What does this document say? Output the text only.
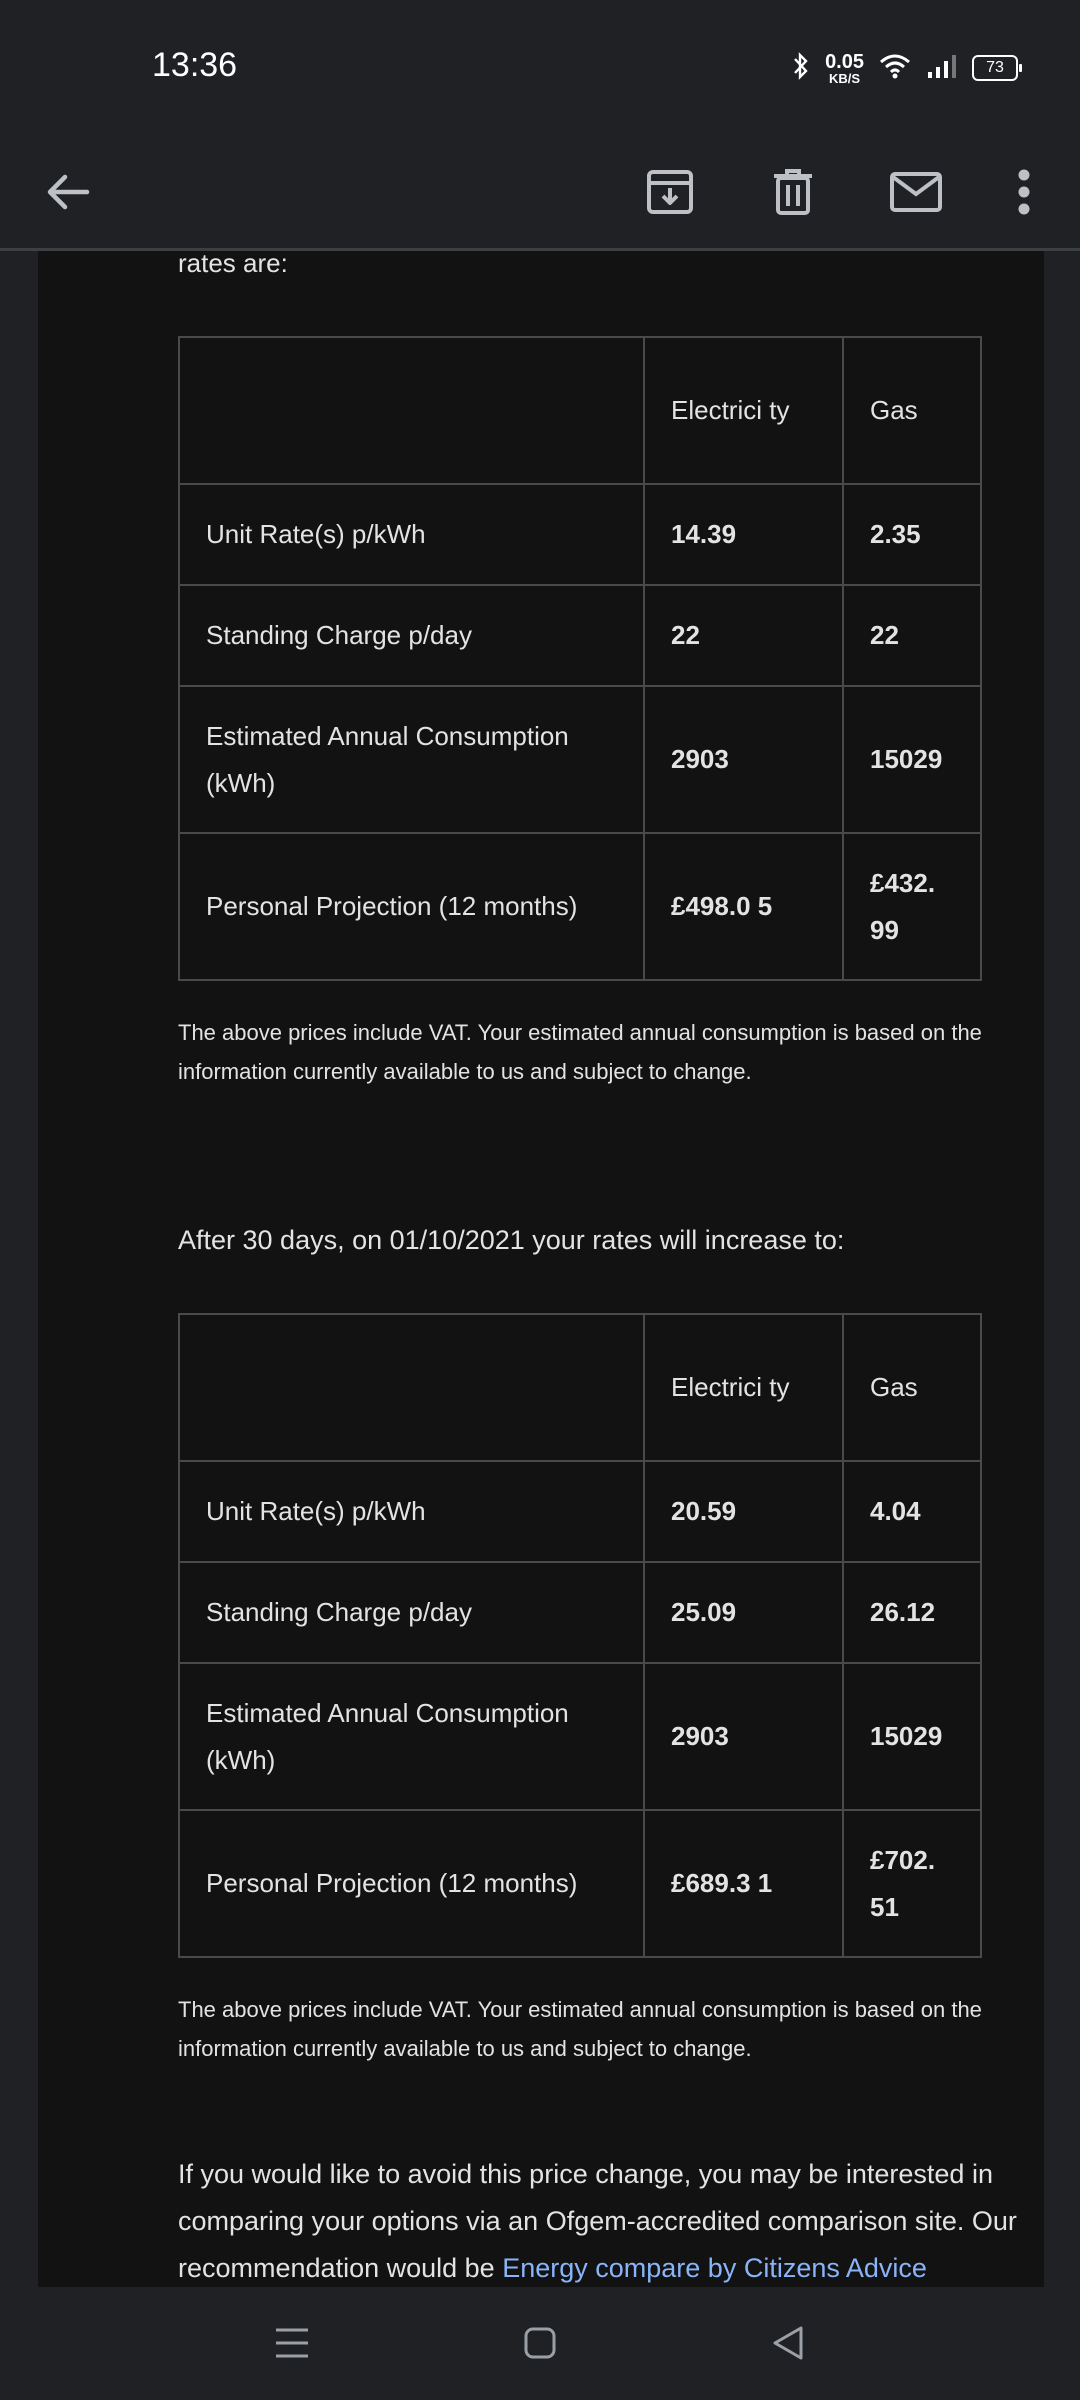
13:36	0.05
KB/S
73
rates are:
	Electrici ty	Gas
Unit Rate(s) p/kWh	14.39	2.35
Standing Charge p/day	22	22
Estimated Annual Consumption (kWh)	2903	15029
Personal Projection (12 months)	£498.0 5	£432. 99
The above prices include VAT. Your estimated annual consumption is based on the information currently available to us and subject to change.
After 30 days, on 01/10/2021 your rates will increase to:
	Electrici ty	Gas
Unit Rate(s) p/kWh	20.59	4.04
Standing Charge p/day	25.09	26.12
Estimated Annual Consumption (kWh)	2903	15029
Personal Projection (12 months)	£689.3 1	£702. 51
The above prices include VAT. Your estimated annual consumption is based on the information currently available to us and subject to change.
If you would like to avoid this price change, you may be interested in comparing your options via an Ofgem-accredited comparison site. Our recommendation would be Energy compare by Citizens Advice
